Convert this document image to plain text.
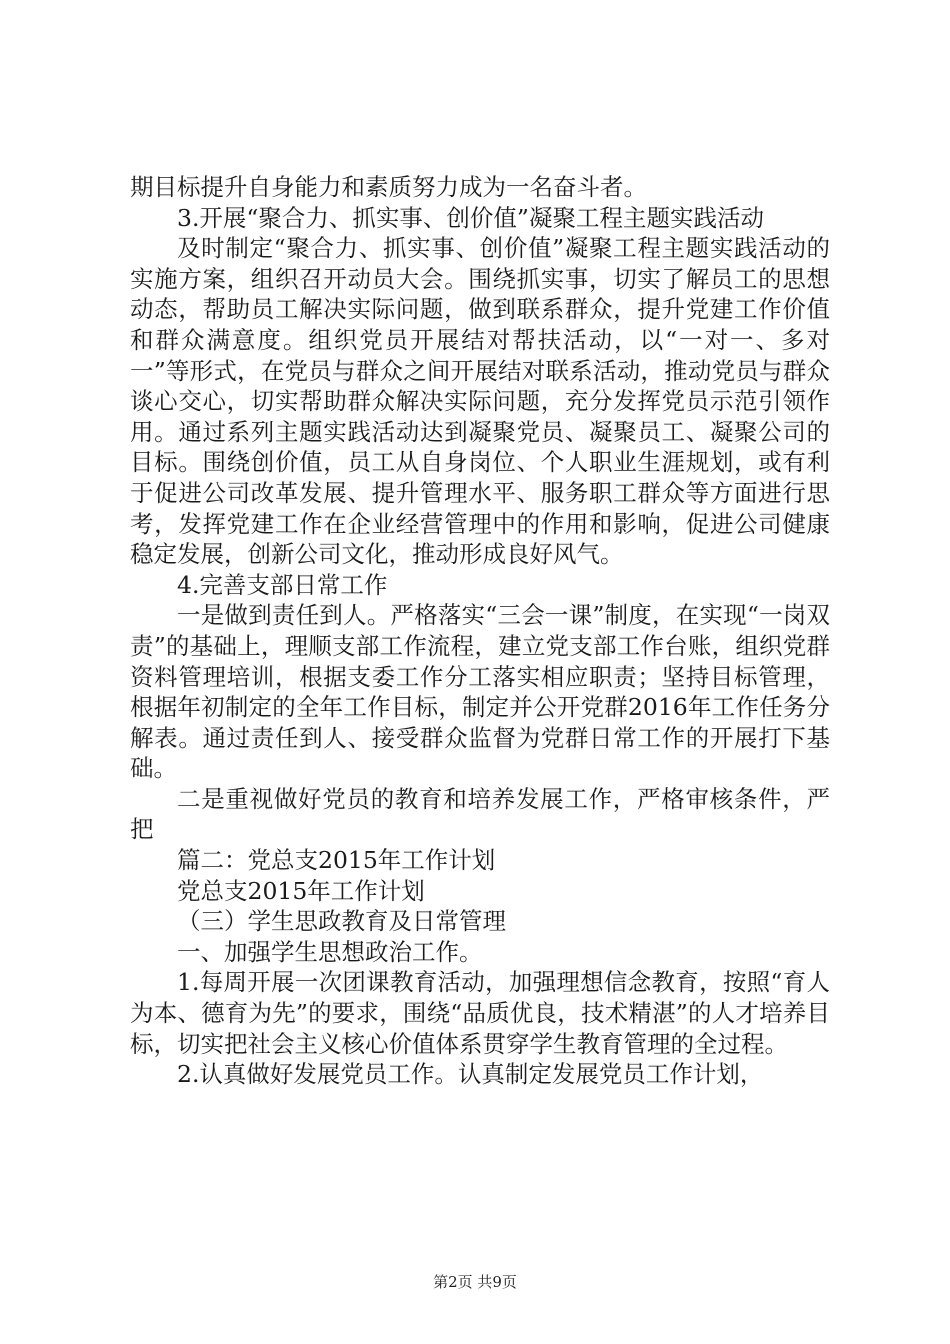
期目标提升自身能力和素质努力成为一名奋斗者。

3.开展“聚合力、抓实事、创价值”凝聚工程主题实践活动

及时制定“聚合力、抓实事、创价值”凝聚工程主题实践活动的实施方案，组织召开动员大会。围绕抓实事，切实了解员工的思想动态，帮助员工解决实际问题，做到联系群众，提升党建工作价值和群众满意度。组织党员开展结对帮扶活动，以“一对一、多对一”等形式，在党员与群众之间开展结对联系活动，推动党员与群众谈心交心，切实帮助群众解决实际问题，充分发挥党员示范引领作用。通过系列主题实践活动达到凝聚党员、凝聚员工、凝聚公司的目标。围绕创价值，员工从自身岗位、个人职业生涯规划，或有利于促进公司改革发展、提升管理水平、服务职工群众等方面进行思考，发挥党建工作在企业经营管理中的作用和影响，促进公司健康稳定发展，创新公司文化，推动形成良好风气。

4.完善支部日常工作

一是做到责任到人。严格落实“三会一课”制度，在实现“一岗双责”的基础上，理顺支部工作流程，建立党支部工作台账，组织党群资料管理培训，根据支委工作分工落实相应职责；坚持目标管理，根据年初制定的全年工作目标，制定并公开党群2016年工作任务分解表。通过责任到人、接受群众监督为党群日常工作的开展打下基础。

二是重视做好党员的教育和培养发展工作，严格审核条件，严把

篇二：党总支2015年工作计划

党总支2015年工作计划

（三）学生思政教育及日常管理

一、加强学生思想政治工作。

1.每周开展一次团课教育活动，加强理想信念教育，按照“育人为本、德育为先”的要求，围绕“品质优良，技术精湛”的人才培养目标，切实把社会主义核心价值体系贯穿学生教育管理的全过程。

2.认真做好发展党员工作。认真制定发展党员工作计划，

第2页 共9页
